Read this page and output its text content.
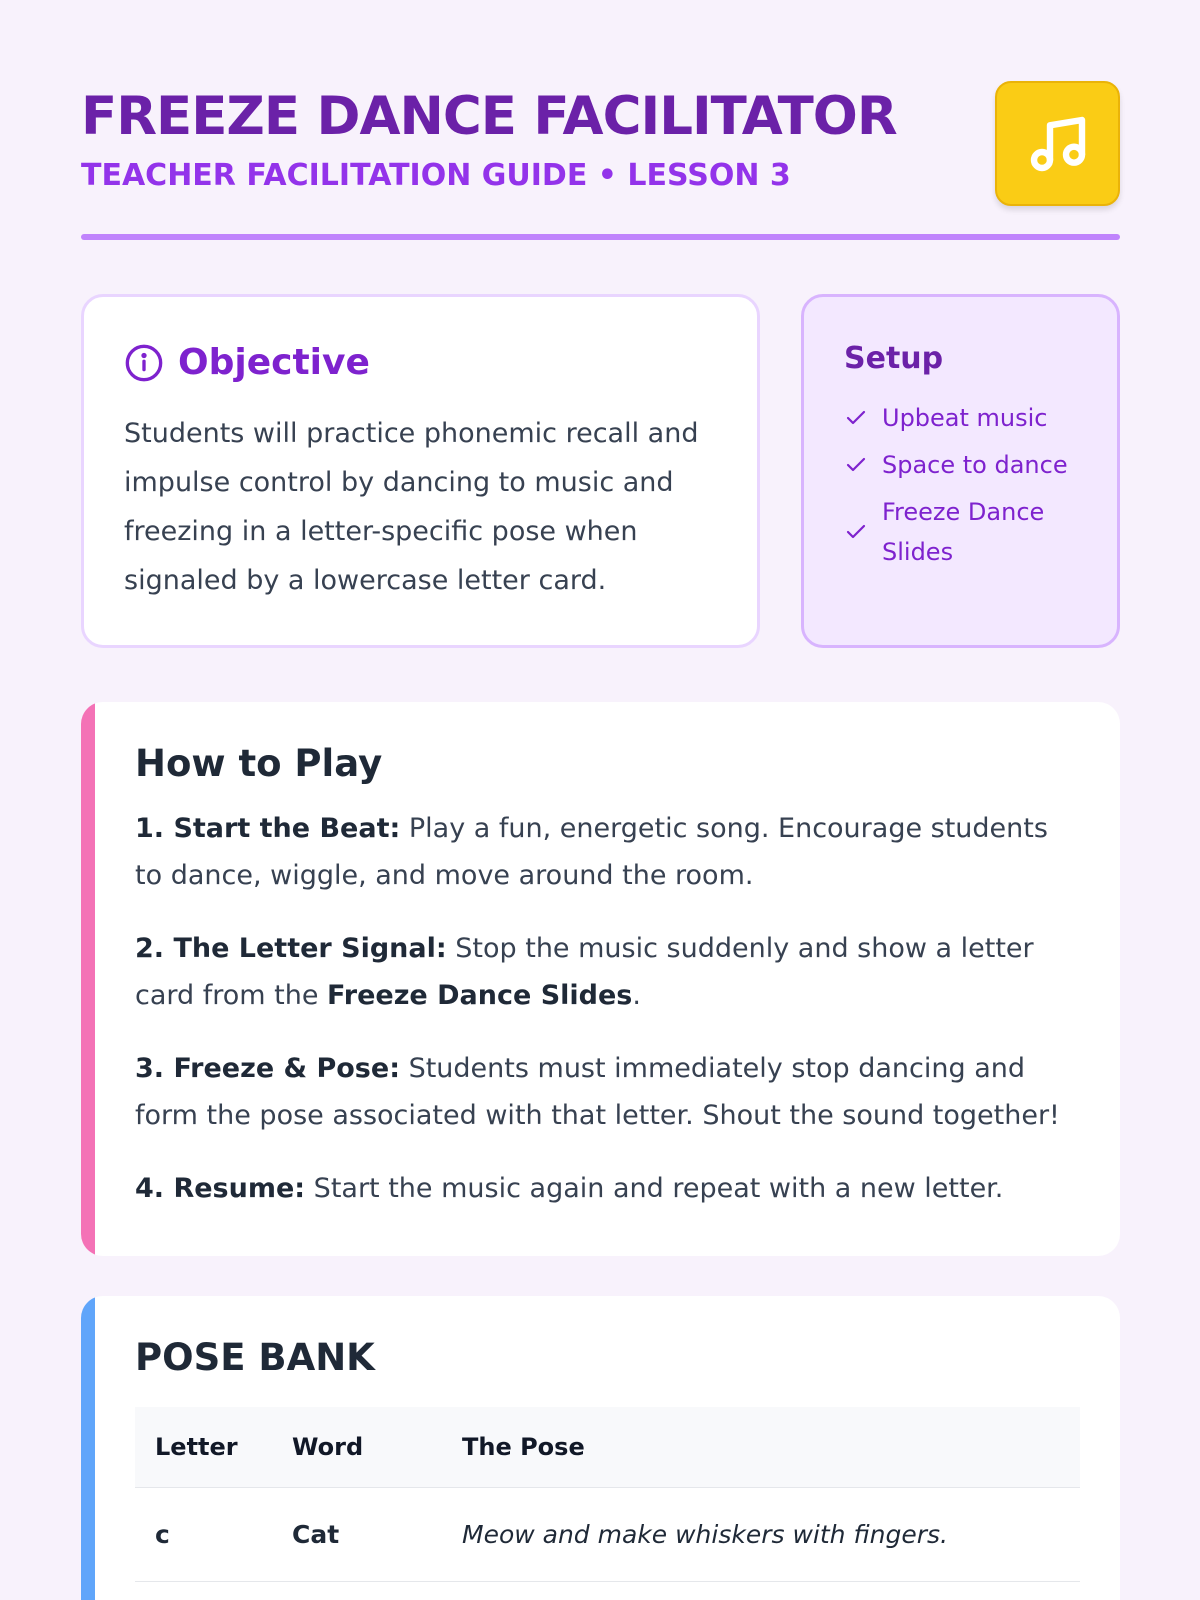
FREEZE DANCE FACILITATOR
TEACHER FACILITATION GUIDE • LESSON 3
Objective

Students will practice phonemic recall and impulse control by dancing to music and freezing in a letter-specific pose when signaled by a lowercase letter card.

Setup
Upbeat music
Space to dance
Freeze Dance Slides
How to Play

1. Start the Beat: Play a fun, energetic song. Encourage students to dance, wiggle, and move around the room.

2. The Letter Signal: Stop the music suddenly and show a letter card from the Freeze Dance Slides.

3. Freeze & Pose: Students must immediately stop dancing and form the pose associated with that letter. Shout the sound together!

4. Resume: Start the music again and repeat with a new letter.

POSE BANK
Letter	Word	The Pose
c	Cat	Meow and make whiskers with fingers.
